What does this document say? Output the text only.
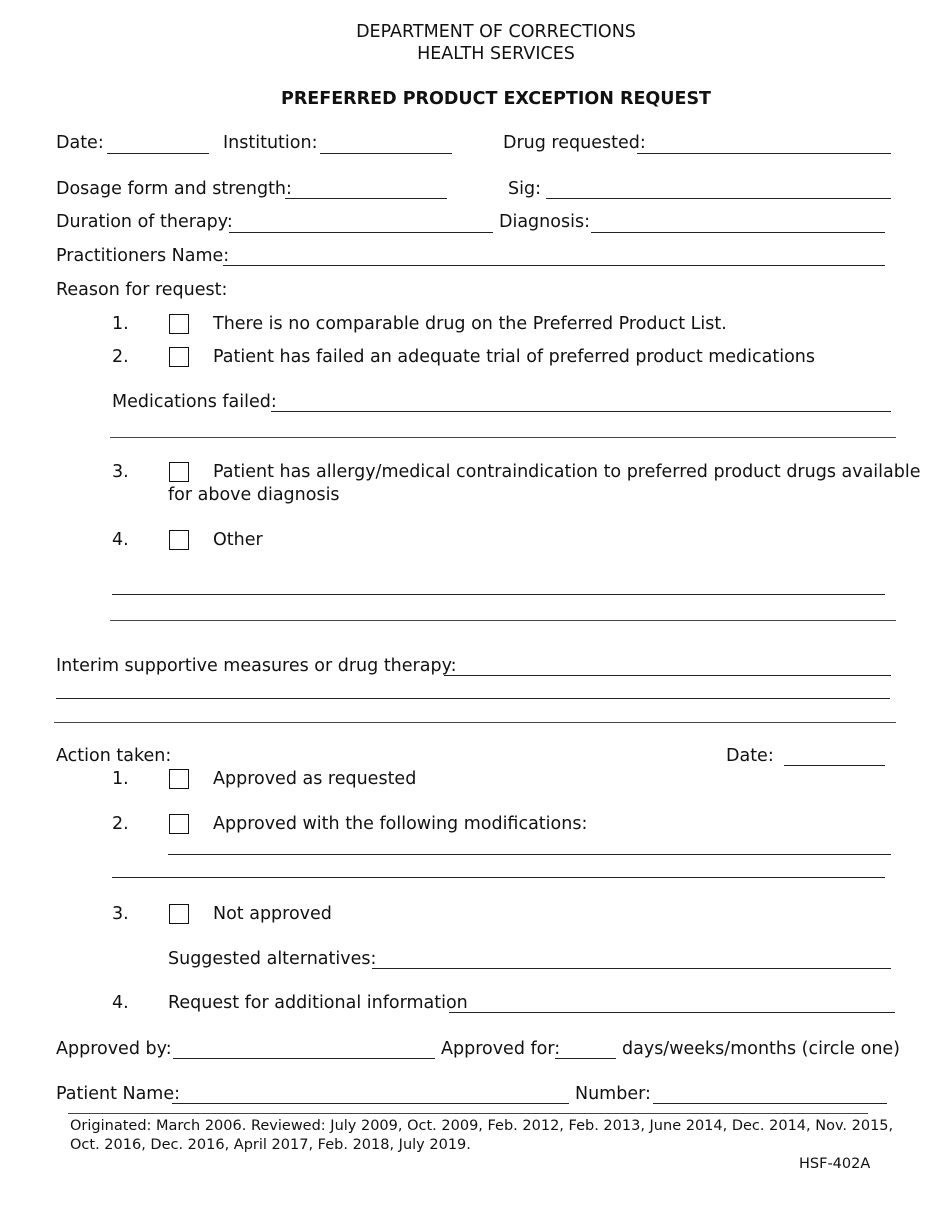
DEPARTMENT OF CORRECTIONS
HEALTH SERVICES
PREFERRED PRODUCT EXCEPTION REQUEST
Date:	Institution:	Drug requested:
Dosage form and strength:	Sig:
Duration of therapy:	Diagnosis:
Practitioners Name:
Reason for request:
1.	There is no comparable drug on the Preferred Product List.
2.	Patient has failed an adequate trial of preferred product medications
Medications failed:
3.	Patient has allergy/medical contraindication to preferred product drugs available
for above diagnosis
4.	Other
Interim supportive measures or drug therapy:
Action taken:	Date:
1.	Approved as requested
2.	Approved with the following modifications:
3.	Not approved
Suggested alternatives:
4. Request for additional information
Approved by:	Approved for:	days/weeks/months (circle one)
Patient Name:	Number:
Originated: March 2006. Reviewed: July 2009, Oct. 2009, Feb. 2012, Feb. 2013, June 2014, Dec. 2014, Nov. 2015,
Oct. 2016, Dec. 2016, April 2017, Feb. 2018, July 2019.
HSF-402A
